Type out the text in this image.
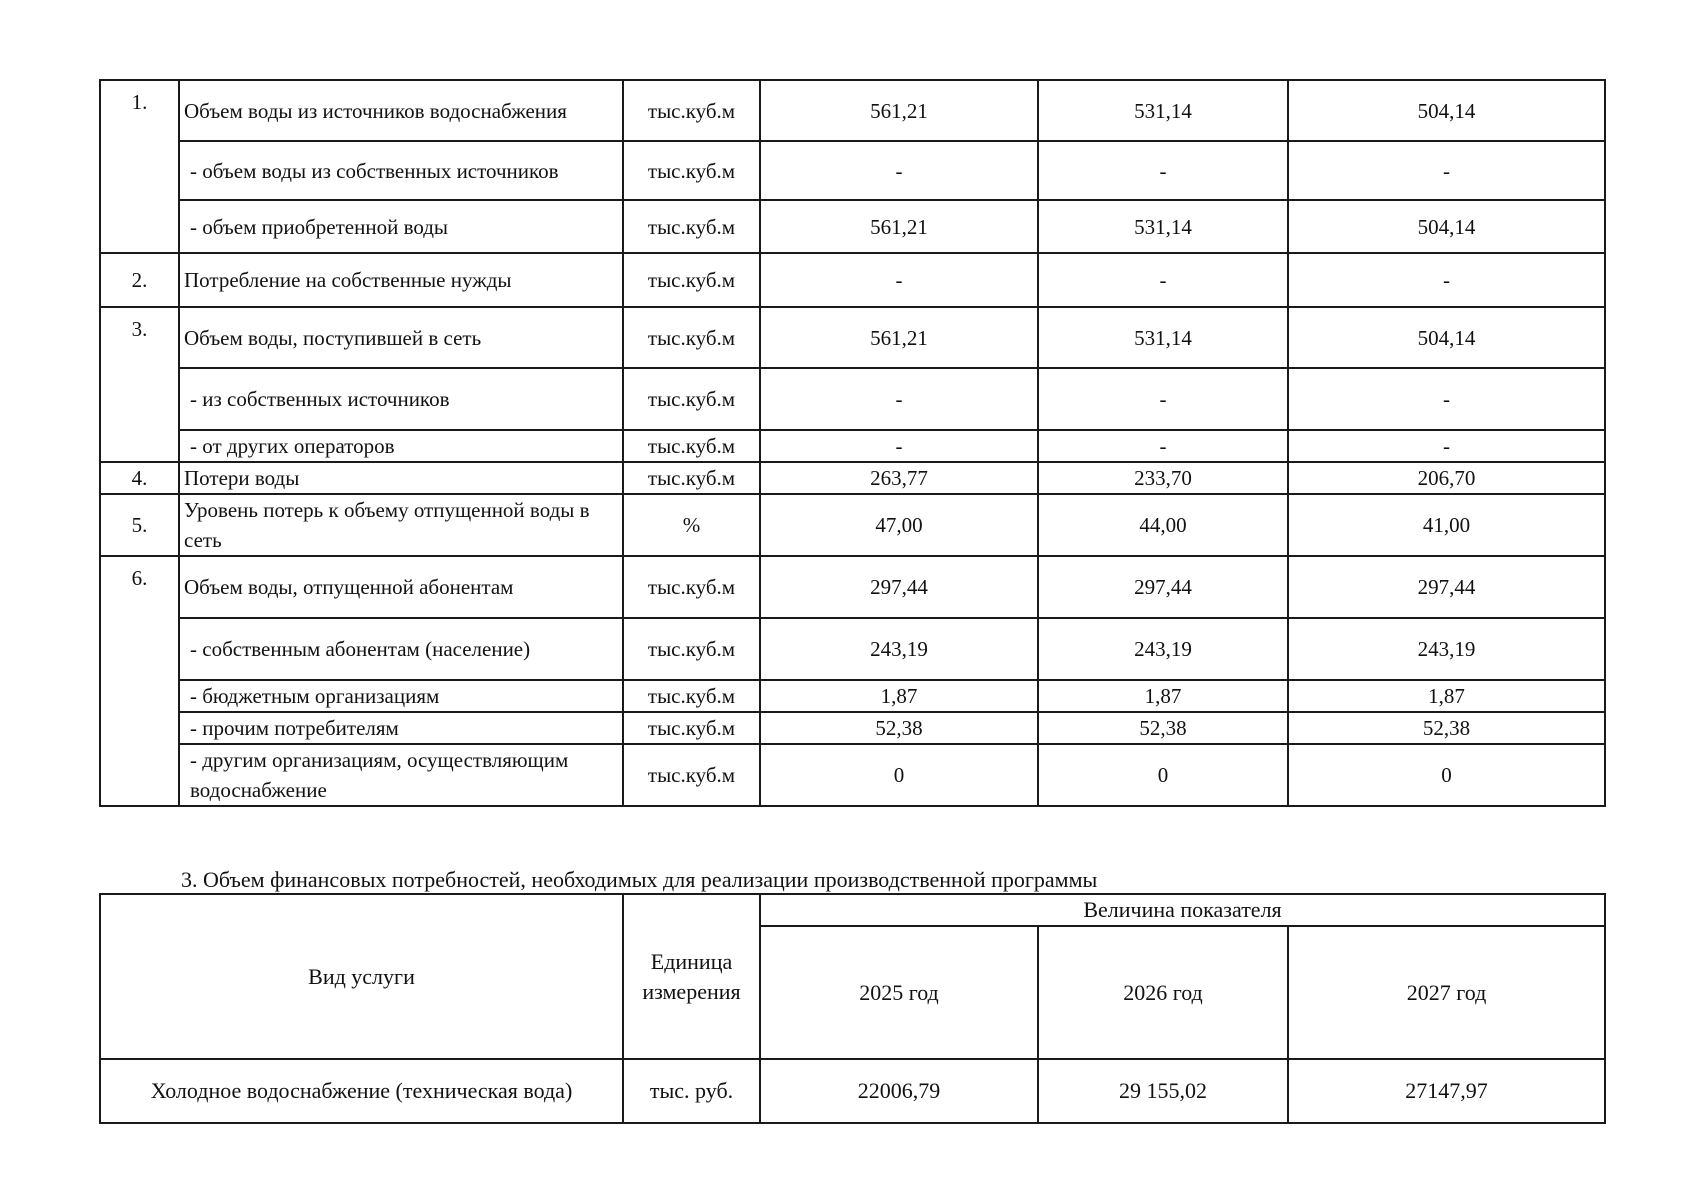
1.	Объем воды из источников водоснабжения	тыс.куб.м	561,21	531,14	504,14
	- объем воды из собственных источников	тыс.куб.м	-	-	-
	- объем приобретенной воды	тыс.куб.м	561,21	531,14	504,14
2.	Потребление на собственные нужды	тыс.куб.м	-	-	-
3.	Объем воды, поступившей в сеть	тыс.куб.м	561,21	531,14	504,14
	- из собственных источников	тыс.куб.м	-	-	-
	- от других операторов	тыс.куб.м	-	-	-
4.	Потери воды	тыс.куб.м	263,77	233,70	206,70
5.	Уровень потерь к объему отпущенной воды в сеть	%	47,00	44,00	41,00
6.	Объем воды, отпущенной абонентам	тыс.куб.м	297,44	297,44	297,44
	- собственным абонентам (население)	тыс.куб.м	243,19	243,19	243,19
	- бюджетным организациям	тыс.куб.м	1,87	1,87	1,87
	- прочим потребителям	тыс.куб.м	52,38	52,38	52,38
	- другим организациям, осуществляющим водоснабжение	тыс.куб.м	0	0	0
3. Объем финансовых потребностей, необходимых для реализации производственной программы
Вид услуги	Единица измерения	Величина показателя		
		2025 год	2026 год	2027 год
Холодное водоснабжение (техническая вода)	тыс. руб.	22006,79	29 155,02	27147,97
